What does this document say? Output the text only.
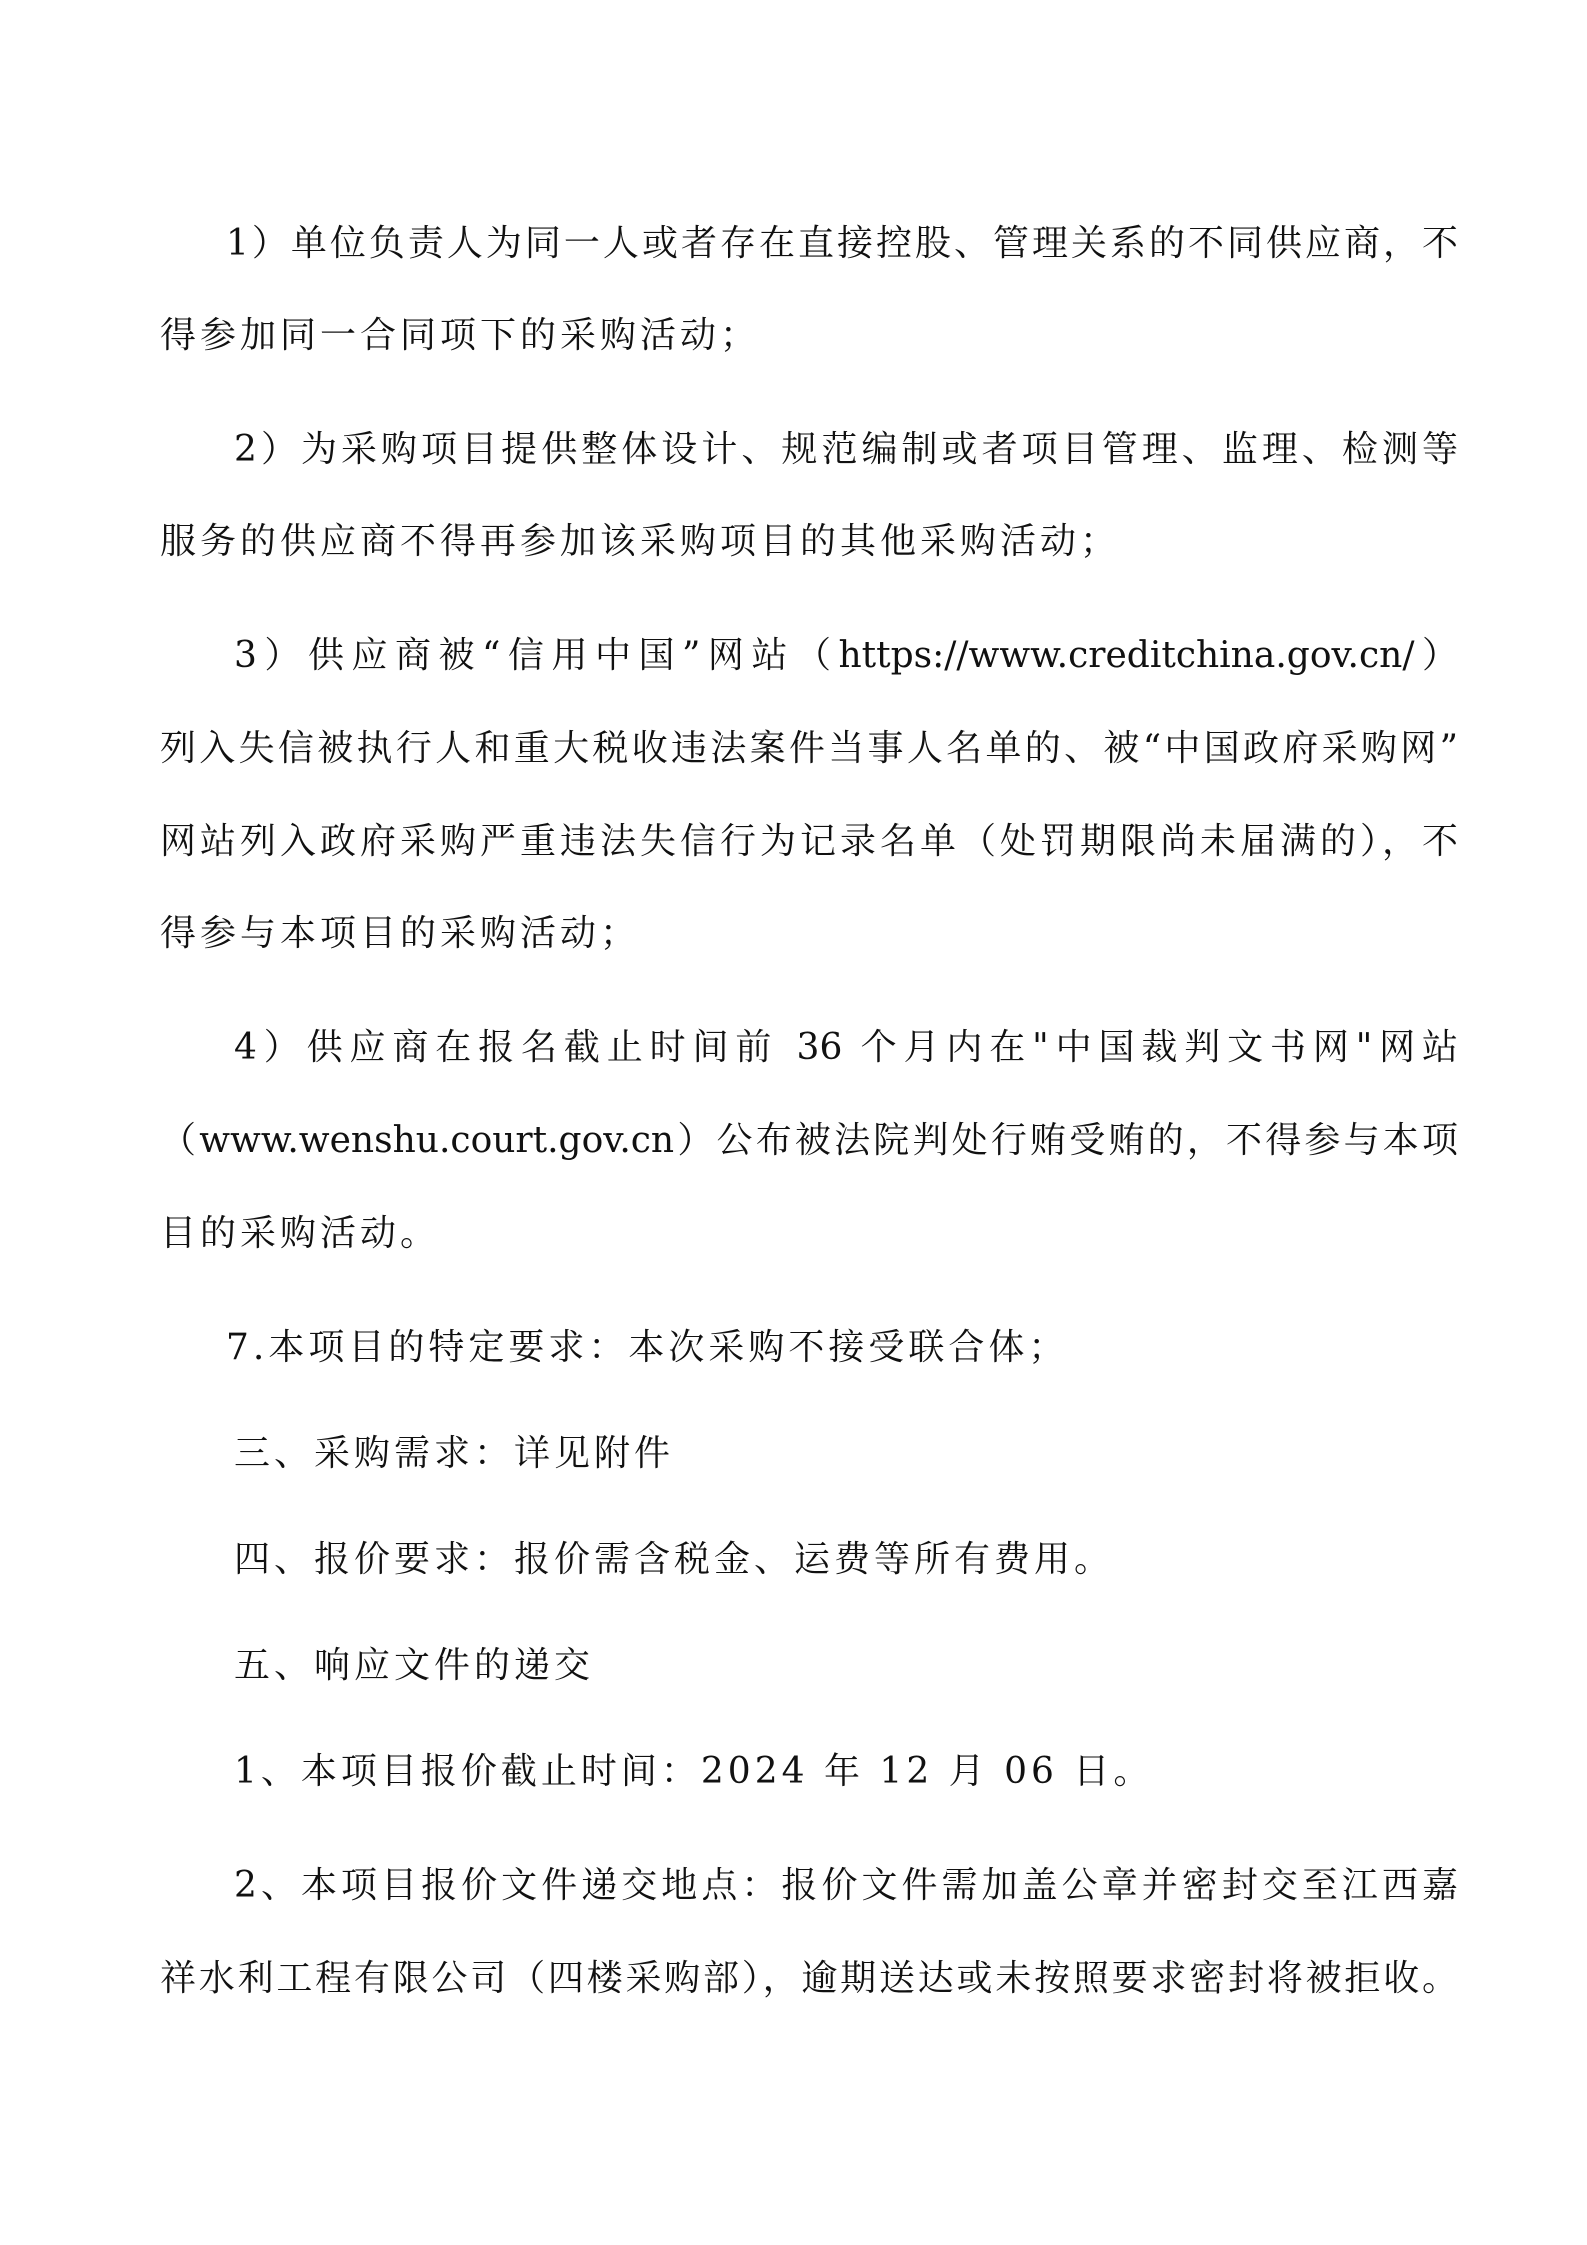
1）单位负责人为同一人或者存在直接控股、管理关系的不同供应商，不
得参加同一合同项下的采购活动；
2）为采购项目提供整体设计、规范编制或者项目管理、监理、检测等
服务的供应商不得再参加该采购项目的其他采购活动；
3）供应商被“信用中国”网站（https://www.creditchina.gov.cn/）
列入失信被执行人和重大税收违法案件当事人名单的、被“中国政府采购网”
网站列入政府采购严重违法失信行为记录名单（处罚期限尚未届满的），不
得参与本项目的采购活动；
4）供应商在报名截止时间前 36 个月内在"中国裁判文书网"网站
（www.wenshu.court.gov.cn）公布被法院判处行贿受贿的，不得参与本项
目的采购活动。
7.本项目的特定要求：本次采购不接受联合体；
三、采购需求：详见附件
四、报价要求：报价需含税金、运费等所有费用。
五、响应文件的递交
1、本项目报价截止时间：2024 年 12 月 06 日。
2、本项目报价文件递交地点：报价文件需加盖公章并密封交至江西嘉
祥水利工程有限公司（四楼采购部），逾期送达或未按照要求密封将被拒收。
